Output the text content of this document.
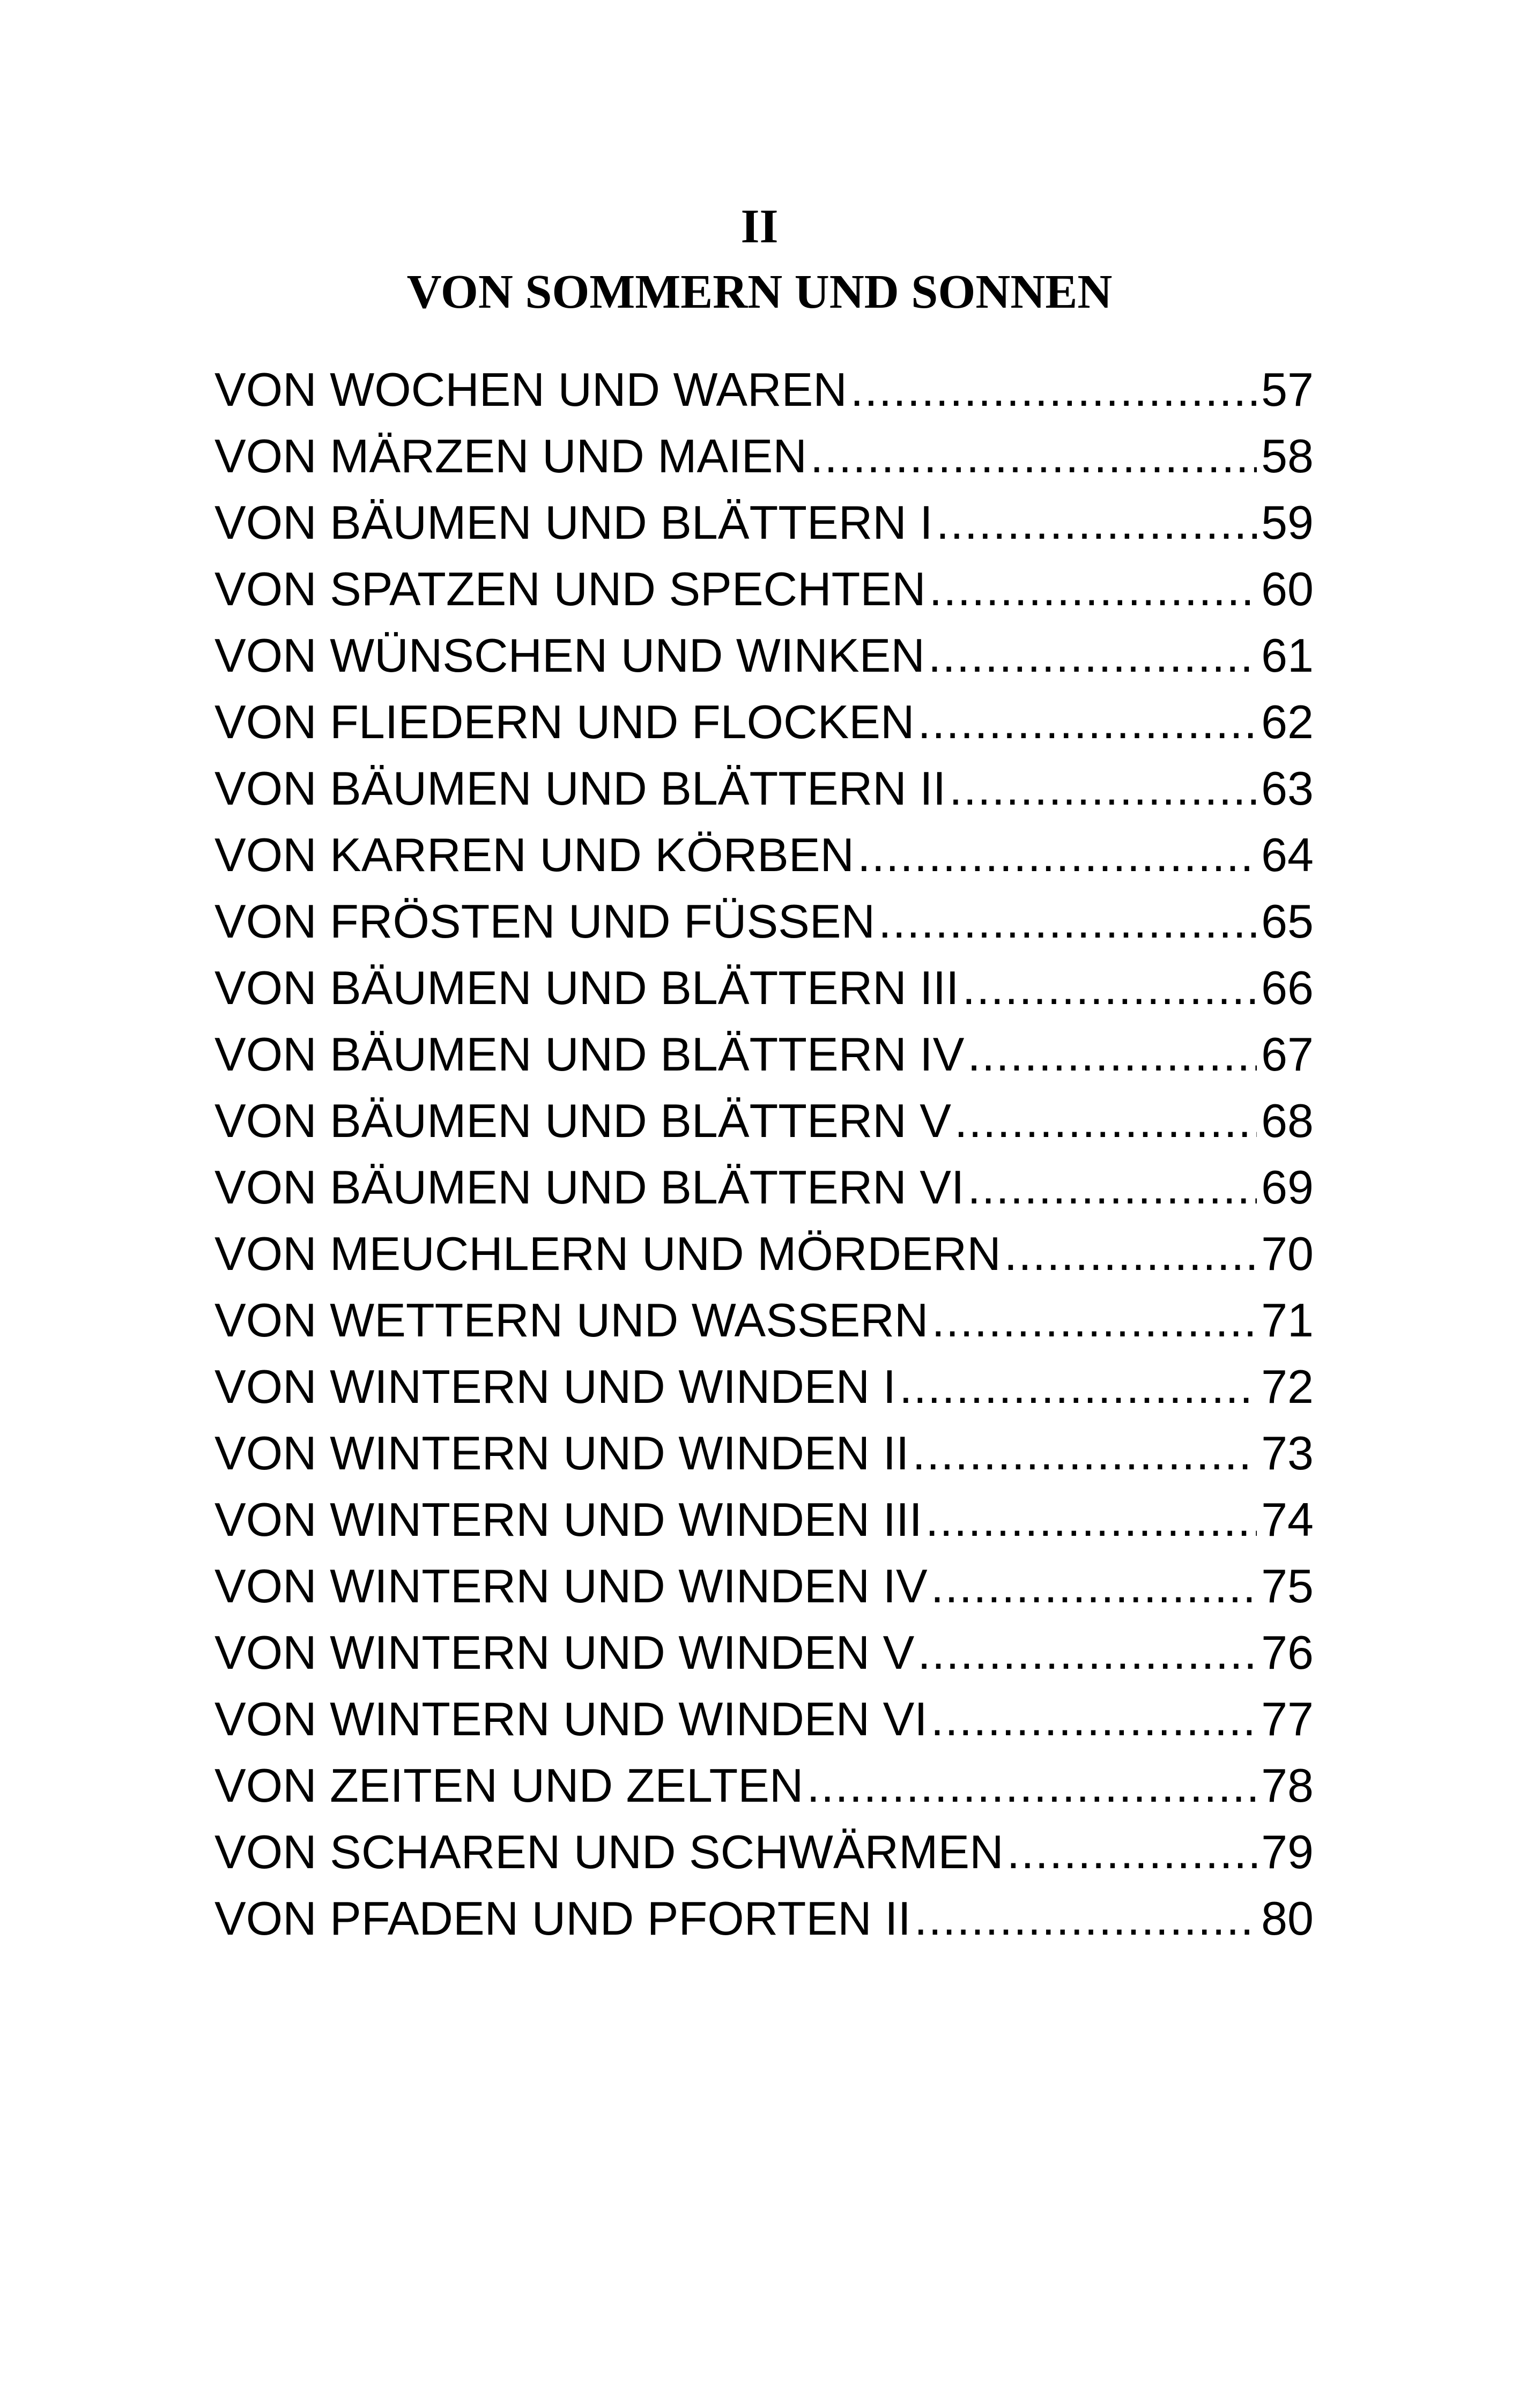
II
VON SOMMERN UND SONNEN
VON WOCHEN UND WAREN .....	57
VON MÄRZEN UND MAIEN .....	58
VON BÄUMEN UND BLÄTTERN I .....	59
VON SPATZEN UND SPECHTEN .....	60
VON WÜNSCHEN UND WINKEN .....	61
VON FLIEDERN UND FLOCKEN .....	62
VON BÄUMEN UND BLÄTTERN II .....	63
VON KARREN UND KÖRBEN .....	64
VON FRÖSTEN UND FÜSSEN .....	65
VON BÄUMEN UND BLÄTTERN III .....	66
VON BÄUMEN UND BLÄTTERN IV .....	67
VON BÄUMEN UND BLÄTTERN V .....	68
VON BÄUMEN UND BLÄTTERN VI .....	69
VON MEUCHLERN UND MÖRDERN .....	70
VON WETTERN UND WASSERN .....	71
VON WINTERN UND WINDEN I .....	72
VON WINTERN UND WINDEN II .....	73
VON WINTERN UND WINDEN III .....	74
VON WINTERN UND WINDEN IV .....	75
VON WINTERN UND WINDEN V .....	76
VON WINTERN UND WINDEN VI .....	77
VON ZEITEN UND ZELTEN .....	78
VON SCHAREN UND SCHWÄRMEN .....	79
VON PFADEN UND PFORTEN II .....	80
